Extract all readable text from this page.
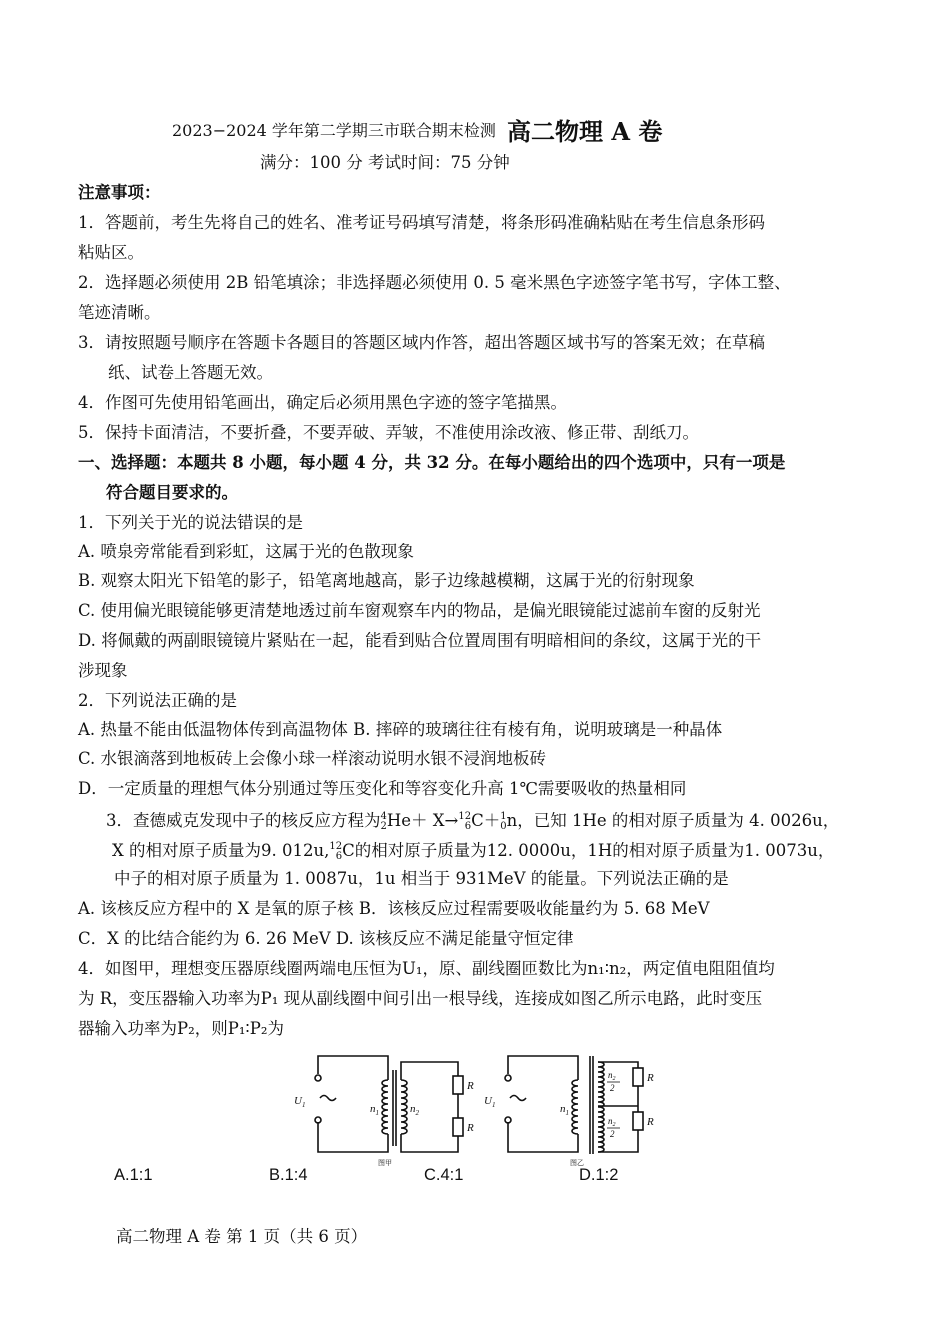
2023−2024 学年第二学期三市联合期末检测 高二物理 A 卷
满分：100 分 考试时间：75 分钟
注意事项：
1．答题前，考生先将自己的姓名、准考证号码填写清楚，将条形码准确粘贴在考生信息条形码
粘贴区。
2．选择题必须使用 2B 铅笔填涂；非选择题必须使用 0. 5 毫米黑色字迹签字笔书写，字体工整、
笔迹清晰。
3．请按照题号顺序在答题卡各题目的答题区域内作答，超出答题区域书写的答案无效；在草稿
纸、试卷上答题无效。
4．作图可先使用铅笔画出，确定后必须用黑色字迹的签字笔描黑。
5．保持卡面清洁，不要折叠，不要弄破、弄皱，不准使用涂改液、修正带、刮纸刀。
一、选择题：本题共 8 小题，每小题 4 分，共 32 分。在每小题给出的四个选项中，只有一项是
符合题目要求的。
1．下列关于光的说法错误的是
A. 喷泉旁常能看到彩虹，这属于光的色散现象
B. 观察太阳光下铅笔的影子，铅笔离地越高，影子边缘越模糊，这属于光的衍射现象
C. 使用偏光眼镜能够更清楚地透过前车窗观察车内的物品，是偏光眼镜能过滤前车窗的反射光
D. 将佩戴的两副眼镜镜片紧贴在一起，能看到贴合位置周围有明暗相间的条纹，这属于光的干
涉现象
2．下列说法正确的是
A. 热量不能由低温物体传到高温物体 B. 摔碎的玻璃往往有棱有角，说明玻璃是一种晶体
C. 水银滴落到地板砖上会像小球一样滚动说明水银不浸润地板砖
D．一定质量的理想气体分别通过等压变化和等容变化升高 1℃需要吸收的热量相同
3．查德威克发现中子的核反应方程为4
2He＋ X→12
6C＋1
0n，已知 1He 的相对原子质量为 4. 0026u，
X 的相对原子质量为9. 012u,12
6C的相对原子质量为12. 0000u，1H的相对原子质量为1. 0073u，
中子的相对原子质量为 1. 0087u，1u 相当于 931MeV 的能量。下列说法正确的是
A. 该核反应方程中的 X 是氧的原子核 B．该核反应过程需要吸收能量约为 5. 68 MeV
C．X 的比结合能约为 6. 26 MeV D. 该核反应不满足能量守恒定律
4．如图甲，理想变压器原线圈两端电压恒为U₁，原、副线圈匝数比为n₁∶n₂，两定值电阻阻值均
为 R，变压器输入功率为P₁ 现从副线圈中间引出一根导线，连接成如图乙所示电路，此时变压
器输入功率为P₂，则P₁∶P₂为
$U_1$	$n_1$	$n_2$
R
R
$U_1$	$n_1$
$n_2$
2
$n_2$
2
R
R
图甲	图乙
A.1:1	B.1:4	C.4:1	D.1:2
高二物理 A 卷 第 1 页（共 6 页）
